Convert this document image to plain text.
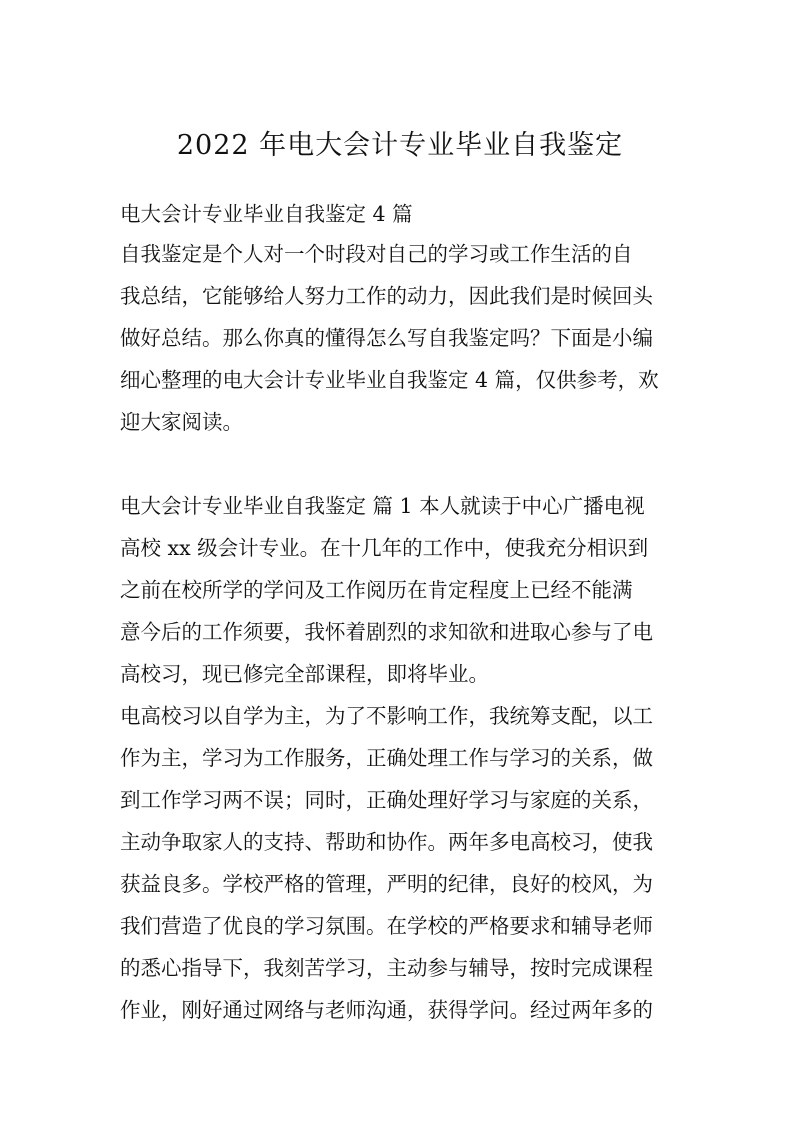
2022 年电大会计专业毕业自我鉴定
电大会计专业毕业自我鉴定 4 篇
自我鉴定是个人对一个时段对自己的学习或工作生活的自
我总结，它能够给人努力工作的动力，因此我们是时候回头
做好总结。那么你真的懂得怎么写自我鉴定吗？下面是小编
细心整理的电大会计专业毕业自我鉴定 4 篇，仅供参考，欢
迎大家阅读。
电大会计专业毕业自我鉴定 篇 1 本人就读于中心广播电视
高校 xx 级会计专业。在十几年的工作中，使我充分相识到
之前在校所学的学问及工作阅历在肯定程度上已经不能满
意今后的工作须要，我怀着剧烈的求知欲和进取心参与了电
高校习，现已修完全部课程，即将毕业。
电高校习以自学为主，为了不影响工作，我统筹支配，以工
作为主，学习为工作服务，正确处理工作与学习的关系，做
到工作学习两不误；同时，正确处理好学习与家庭的关系，
主动争取家人的支持、帮助和协作。两年多电高校习，使我
获益良多。学校严格的管理，严明的纪律，良好的校风，为
我们营造了优良的学习氛围。在学校的严格要求和辅导老师
的悉心指导下，我刻苦学习，主动参与辅导，按时完成课程
作业，刚好通过网络与老师沟通，获得学问。经过两年多的
